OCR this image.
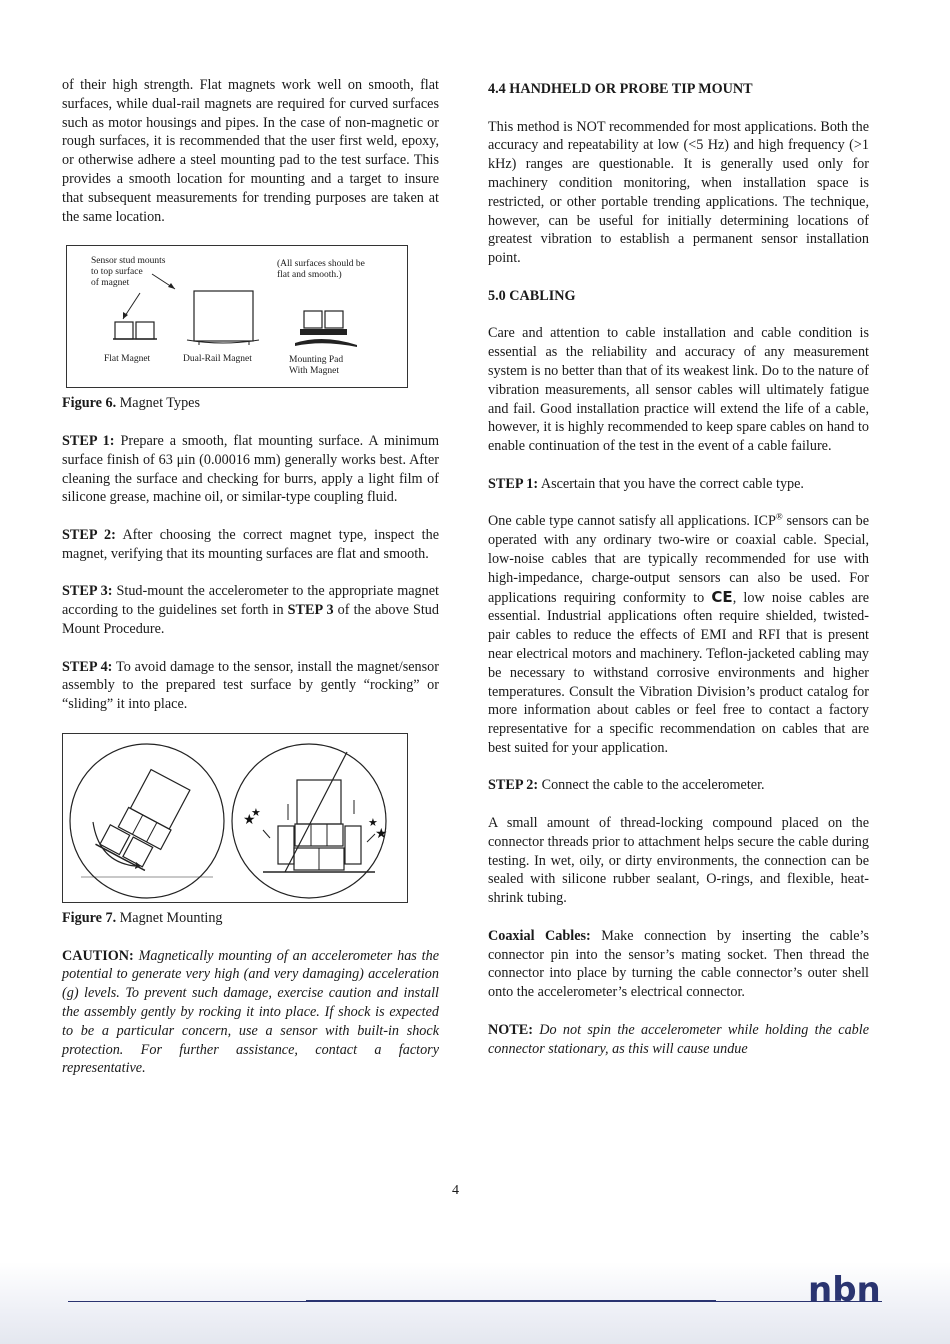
of their high strength. Flat magnets work well on smooth, flat surfaces, while dual-rail magnets are required for curved surfaces such as motor housings and pipes. In the case of non-magnetic or rough surfaces, it is recommended that the user first weld, epoxy, or otherwise adhere a steel mounting pad to the test surface. This provides a smooth location for mounting and a target to insure that subsequent measurements for trending purposes are taken at the same location.

Sensor stud mounts
to top surface
of magnet
(All surfaces should be
flat and smooth.)
Flat Magnet	Dual-Rail Magnet	Mounting Pad
With Magnet
Figure 6. Magnet Types

STEP 1: Prepare a smooth, flat mounting surface. A minimum surface finish of 63 μin (0.00016 mm) generally works best. After cleaning the surface and checking for burrs, apply a light film of silicone grease, machine oil, or similar-type coupling fluid.

STEP 2: After choosing the correct magnet type, inspect the magnet, verifying that its mounting surfaces are flat and smooth.

STEP 3: Stud-mount the accelerometer to the appropriate magnet according to the guidelines set forth in STEP 3 of the above Stud Mount Procedure.

STEP 4: To avoid damage to the sensor, install the magnet/sensor assembly to the prepared test surface by gently “rocking” or “sliding” it into place.

★
★
★
★
Figure 7. Magnet Mounting

CAUTION: Magnetically mounting of an accelerometer has the potential to generate very high (and very damaging) acceleration (g) levels. To prevent such damage, exercise caution and install the assembly gently by rocking it into place. If shock is expected to be a particular concern, use a sensor with built-in shock protection. For further assistance, contact a factory representative.

4.4 HANDHELD OR PROBE TIP MOUNT

This method is NOT recommended for most applications. Both the accuracy and repeatability at low (<5 Hz) and high frequency (>1 kHz) ranges are questionable. It is generally used only for machinery condition monitoring, when installation space is restricted, or other portable trending applications. The technique, however, can be useful for initially determining locations of greatest vibration to establish a permanent sensor installation point.

5.0 CABLING

Care and attention to cable installation and cable condition is essential as the reliability and accuracy of any measurement system is no better than that of its weakest link. Do to the nature of vibration measurements, all sensor cables will ultimately fatigue and fail. Good installation practice will extend the life of a cable, however, it is highly recommended to keep spare cables on hand to enable continuation of the test in the event of a cable failure.

STEP 1: Ascertain that you have the correct cable type.

One cable type cannot satisfy all applications. ICP® sensors can be operated with any ordinary two-wire or coaxial cable. Special, low-noise cables that are typically recommended for use with high-impedance, charge-output sensors can also be used. For applications requiring conformity to CE, low noise cables are essential. Industrial applications often require shielded, twisted-pair cables to reduce the effects of EMI and RFI that is present near electrical motors and machinery. Teflon-jacketed cabling may be necessary to withstand corrosive environments and higher temperatures. Consult the Vibration Division’s product catalog for more information about cables or feel free to contact a factory representative for a specific recommendation on cables that are best suited for your application.

STEP 2: Connect the cable to the accelerometer.

A small amount of thread-locking compound placed on the connector threads prior to attachment helps secure the cable during testing. In wet, oily, or dirty environments, the connection can be sealed with silicone rubber sealant, O-rings, and flexible, heat-shrink tubing.

Coaxial Cables: Make connection by inserting the cable’s connector pin into the sensor’s mating socket. Then thread the connector into place by turning the cable connector’s outer shell onto the accelerometer’s electrical connector.

NOTE: Do not spin the accelerometer while holding the cable connector stationary, as this will cause undue

4
nbn
